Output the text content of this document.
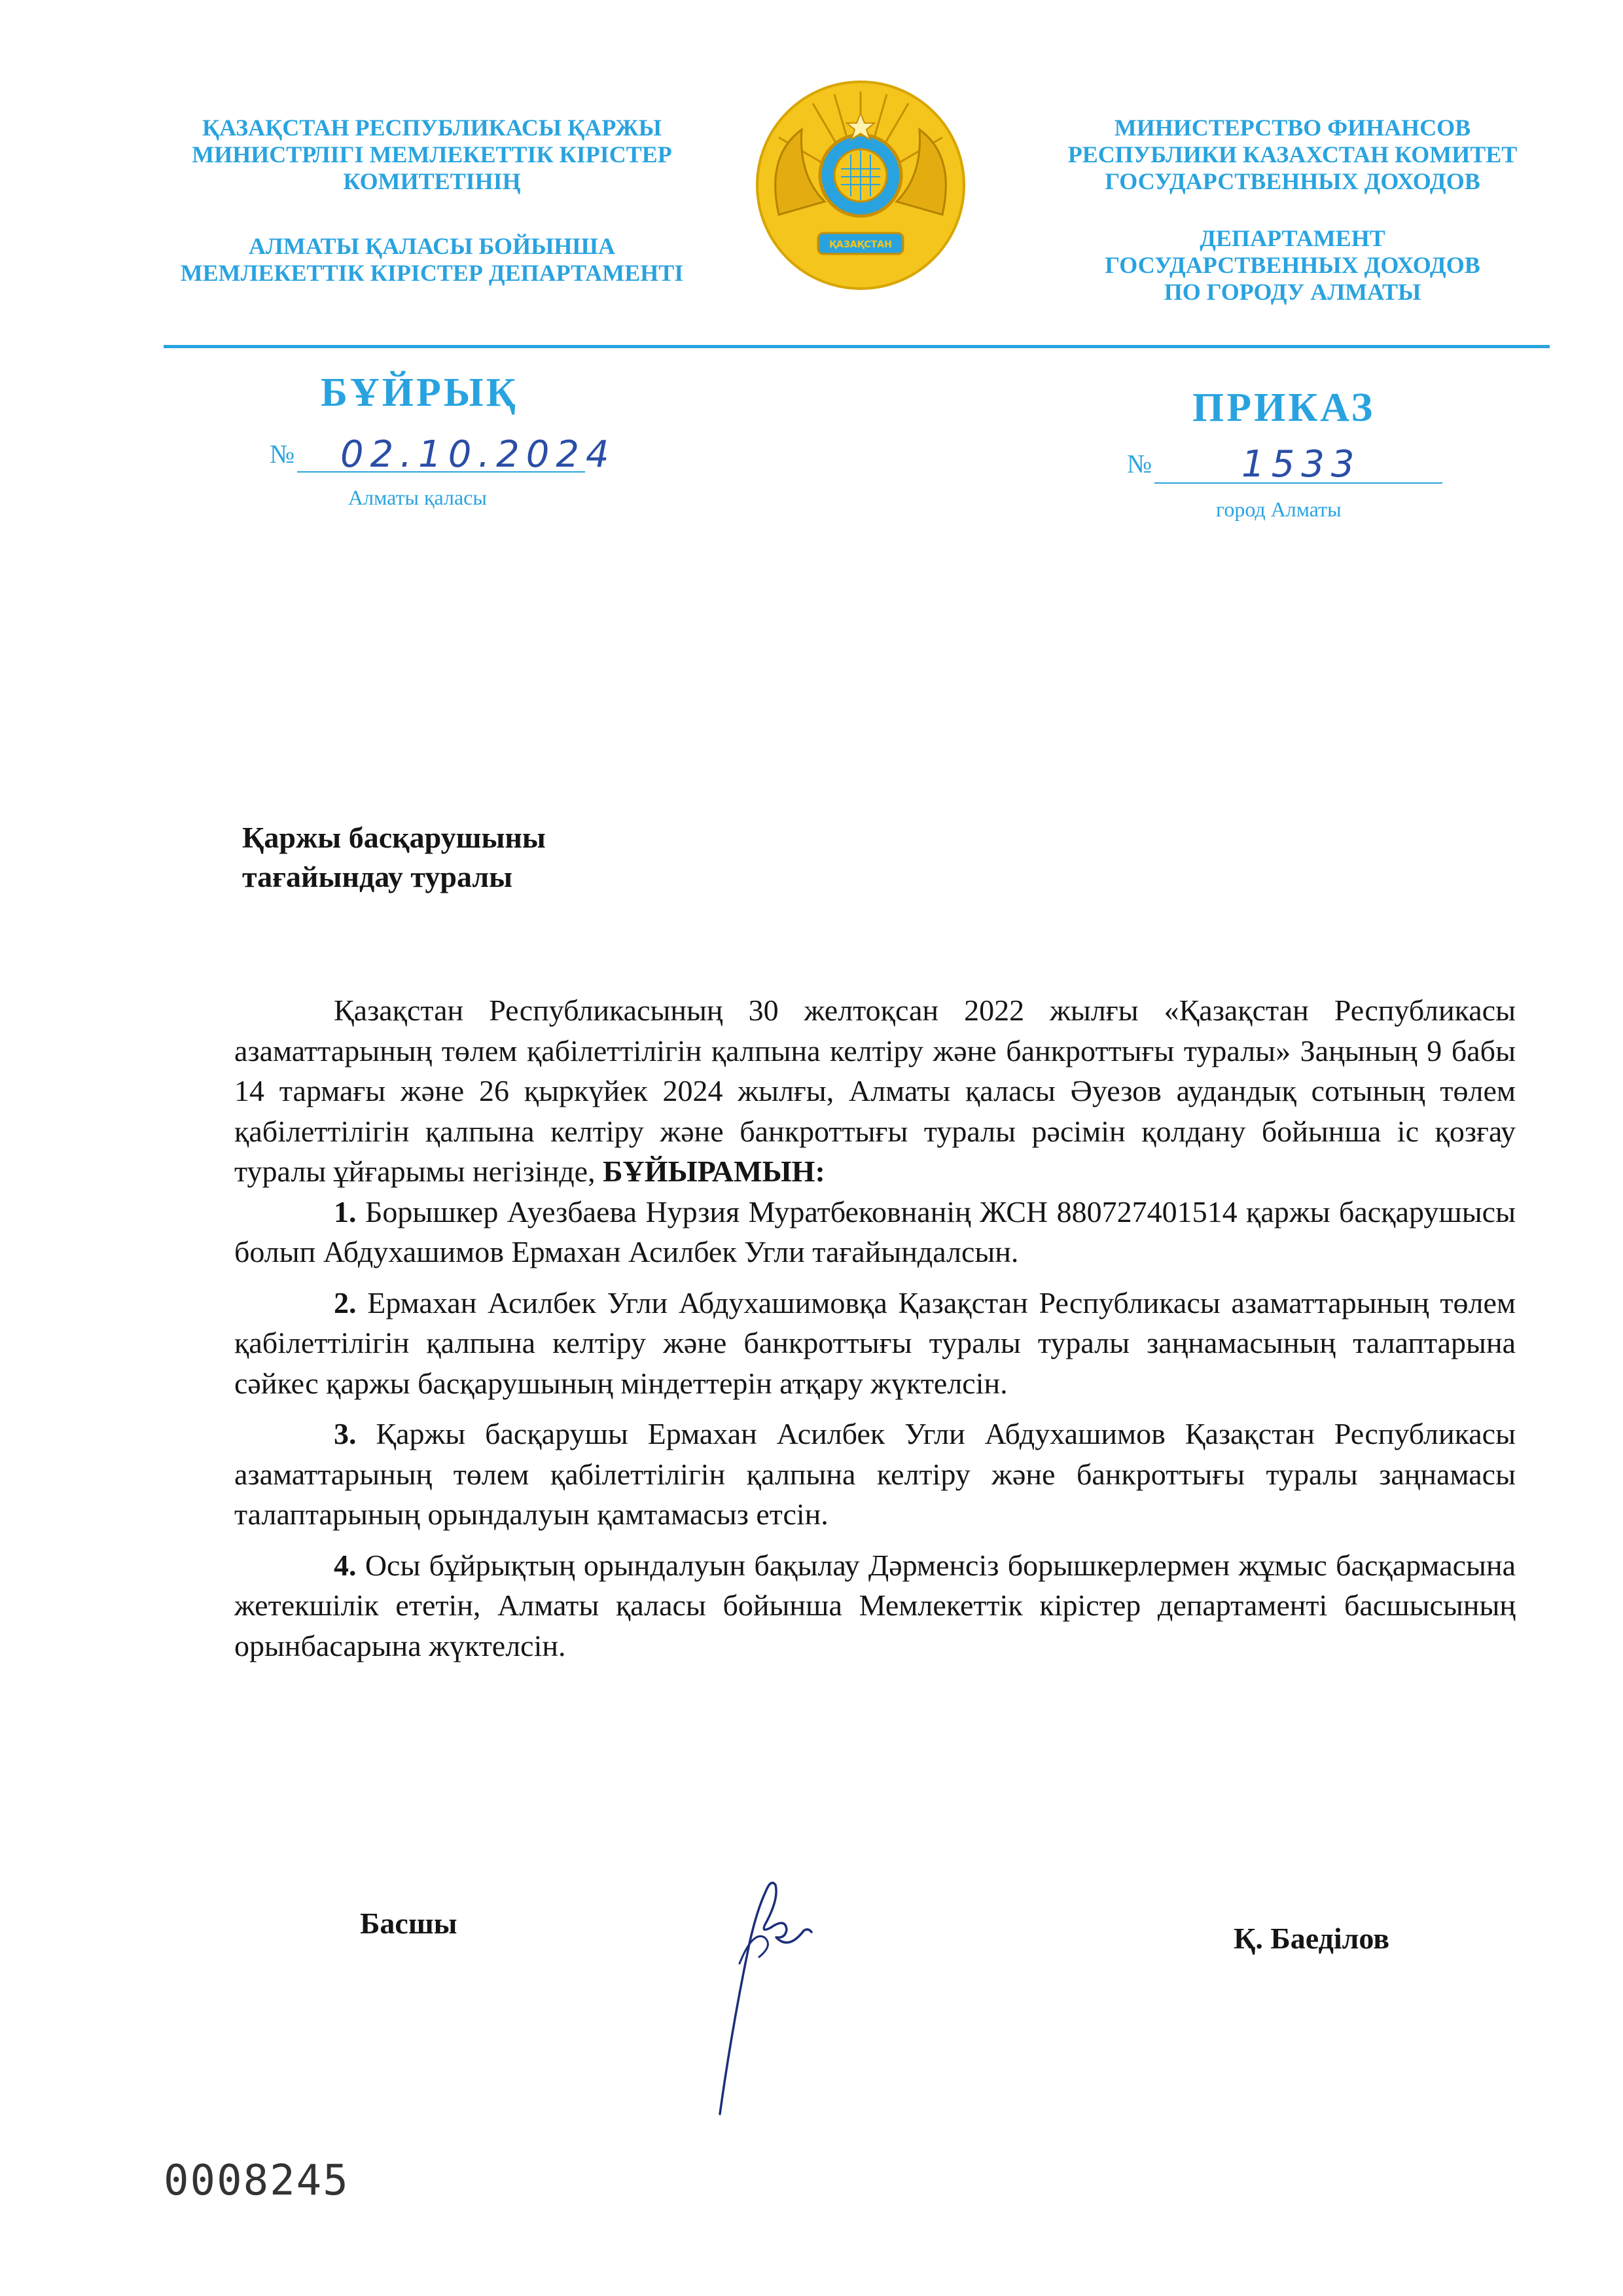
ҚАЗАҚСТАН РЕСПУБЛИКАСЫ ҚАРЖЫ

МИНИСТРЛІГІ МЕМЛЕКЕТТІК КІРІСТЕР

КОМИТЕТІНІҢ

АЛМАТЫ ҚАЛАСЫ БОЙЫНША

МЕМЛЕКЕТТІК КІРІСТЕР ДЕПАРТАМЕНТІ

ҚАЗАҚСТАН

МИНИСТЕРСТВО ФИНАНСОВ

РЕСПУБЛИКИ КАЗАХСТАН КОМИТЕТ

ГОСУДАРСТВЕННЫХ ДОХОДОВ

ДЕПАРТАМЕНТ

ГОСУДАРСТВЕННЫХ ДОХОДОВ

ПО ГОРОДУ АЛМАТЫ

БҰЙРЫҚ	ПРИКАЗ
№ 02.10.2024	№ 1533
Алматы қаласы	город Алматы

Қаржы басқарушыны

тағайындау туралы

Қазақстан Республикасының 30 желтоқсан 2022 жылғы «Қазақстан Республикасы азаматтарының төлем қабілеттілігін қалпына келтіру және банкроттығы туралы» Заңының 9 бабы 14 тармағы және 26 қыркүйек 2024 жылғы, Алматы қаласы Әуезов аудандық сотының төлем қабілеттілігін қалпына келтіру және банкроттығы туралы рәсімін қолдану бойынша іс қозғау туралы ұйғарымы негізінде, БҰЙЫРАМЫН:

1. Борышкер Ауезбаева Нурзия Муратбековнанің ЖСН 880727401514 қаржы басқарушысы болып Абдухашимов Ермахан Асилбек Угли тағайындалсын.

2. Ермахан Асилбек Угли Абдухашимовқа Қазақстан Республикасы азаматтарының төлем қабілеттілігін қалпына келтіру және банкроттығы туралы туралы заңнамасының талаптарына сәйкес қаржы басқарушының міндеттерін атқару жүктелсін.

3. Қаржы басқарушы Ермахан Асилбек Угли Абдухашимов Қазақстан Республикасы азаматтарының төлем қабілеттілігін қалпына келтіру және банкроттығы туралы заңнамасы талаптарының орындалуын қамтамасыз етсін.

4. Осы бұйрықтың орындалуын бақылау Дәрменсіз борышкерлермен жұмыс басқармасына жетекшілік ететін, Алматы қаласы бойынша Мемлекеттік кірістер департаменті басшысының орынбасарына жүктелсін.

Басшы	Қ. Баеділов
0008245
